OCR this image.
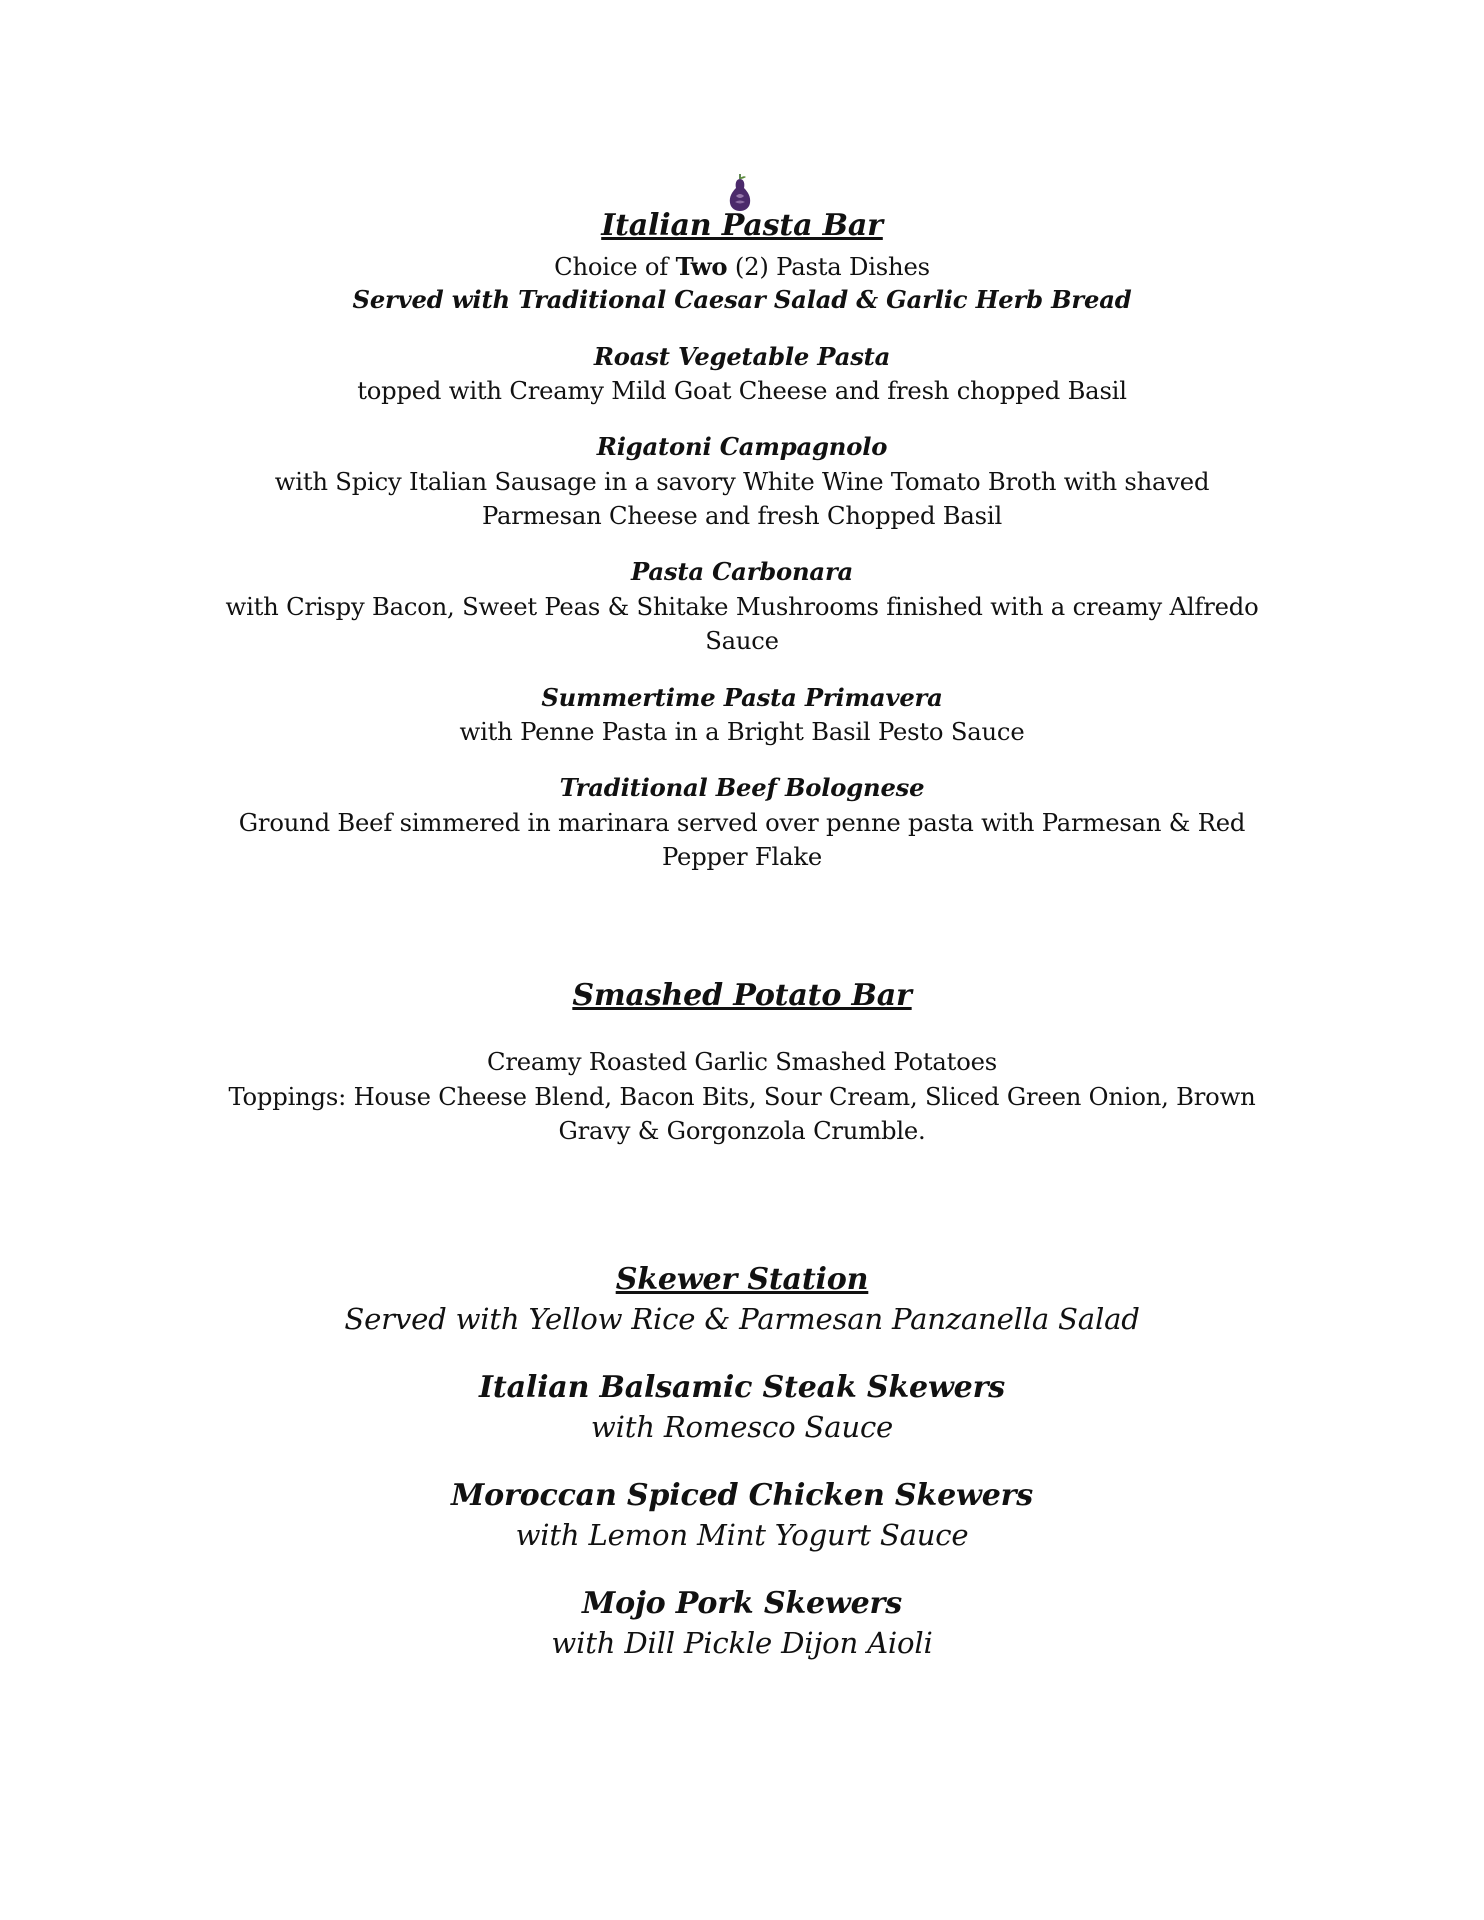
Italian Pasta Bar
Choice of Two (2) Pasta Dishes
Served with Traditional Caesar Salad & Garlic Herb Bread
Roast Vegetable Pasta
topped with Creamy Mild Goat Cheese and fresh chopped Basil
Rigatoni Campagnolo
with Spicy Italian Sausage in a savory White Wine Tomato Broth with shaved
Parmesan Cheese and fresh Chopped Basil
Pasta Carbonara
with Crispy Bacon, Sweet Peas & Shitake Mushrooms finished with a creamy Alfredo
Sauce
Summertime Pasta Primavera
with Penne Pasta in a Bright Basil Pesto Sauce
Traditional Beef Bolognese
Ground Beef simmered in marinara served over penne pasta with Parmesan & Red
Pepper Flake
Smashed Potato Bar
Creamy Roasted Garlic Smashed Potatoes
Toppings: House Cheese Blend, Bacon Bits, Sour Cream, Sliced Green Onion, Brown
Gravy & Gorgonzola Crumble.
Skewer Station
Served with Yellow Rice & Parmesan Panzanella Salad
Italian Balsamic Steak Skewers
with Romesco Sauce
Moroccan Spiced Chicken Skewers
with Lemon Mint Yogurt Sauce
Mojo Pork Skewers
with Dill Pickle Dijon Aioli
